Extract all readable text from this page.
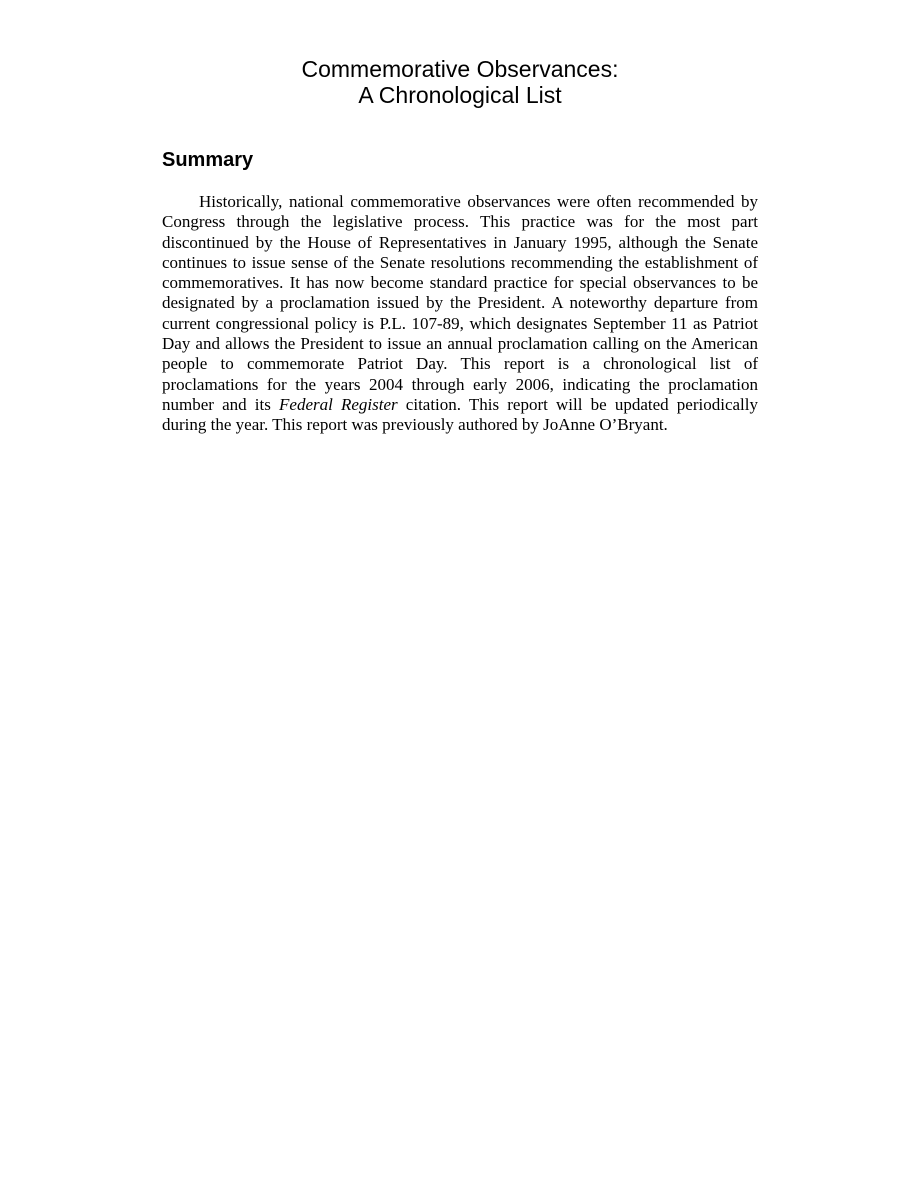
Commemorative Observances:
A Chronological List
Summary

Historically, national commemorative observances were often recommended by Congress through the legislative process. This practice was for the most part discontinued by the House of Representatives in January 1995, although the Senate continues to issue sense of the Senate resolutions recommending the establishment of commemoratives. It has now become standard practice for special observances to be designated by a proclamation issued by the President. A noteworthy departure from current congressional policy is P.L. 107-89, which designates September 11 as Patriot Day and allows the President to issue an annual proclamation calling on the American people to commemorate Patriot Day. This report is a chronological list of proclamations for the years 2004 through early 2006, indicating the proclamation number and its Federal Register citation. This report will be updated periodically during the year. This report was previously authored by JoAnne O’Bryant.
